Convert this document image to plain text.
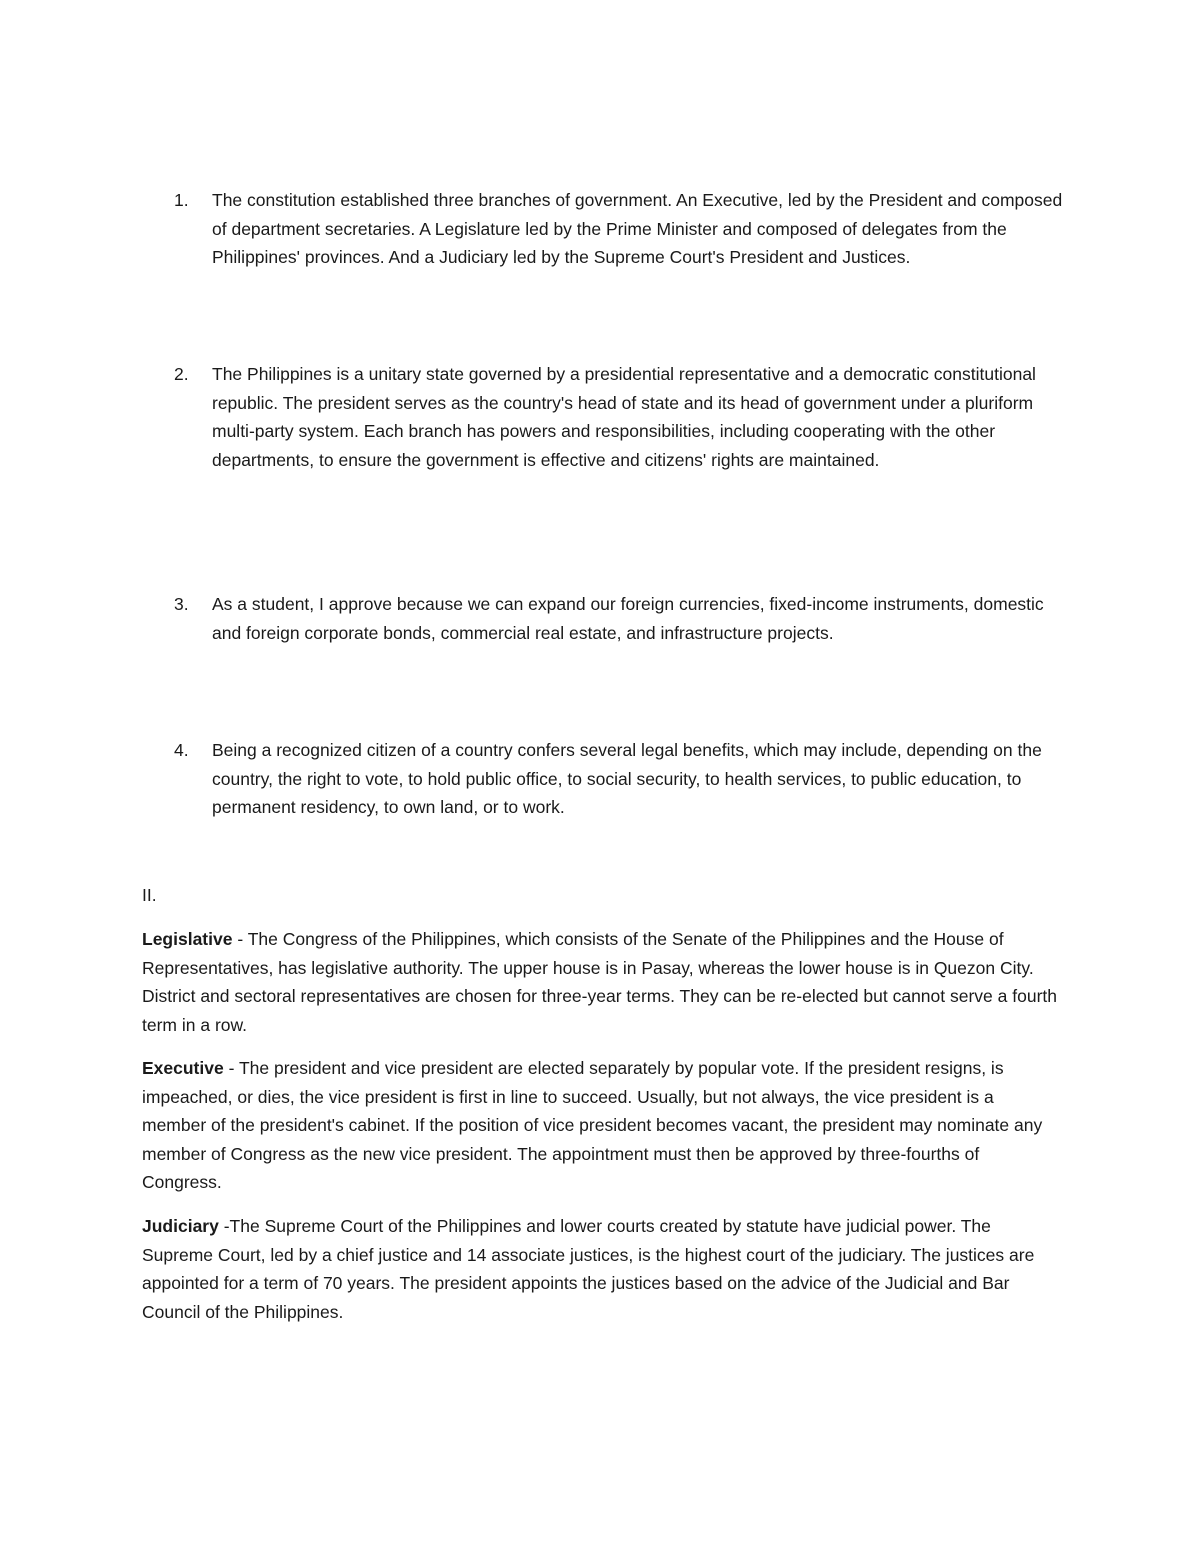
1.	The constitution established three branches of government. An Executive, led by the President and composed of department secretaries. A Legislature led by the Prime Minister and composed of delegates from the Philippines' provinces. And a Judiciary led by the Supreme Court's President and Justices.
2.	The Philippines is a unitary state governed by a presidential representative and a democratic constitutional republic. The president serves as the country's head of state and its head of government under a pluriform multi-party system. Each branch has powers and responsibilities, including cooperating with the other departments, to ensure the government is effective and citizens' rights are maintained.
3.	As a student, I approve because we can expand our foreign currencies, fixed-income instruments, domestic and foreign corporate bonds, commercial real estate, and infrastructure projects.
4.	Being a recognized citizen of a country confers several legal benefits, which may include, depending on the country, the right to vote, to hold public office, to social security, to health services, to public education, to permanent residency, to own land, or to work.
II.

Legislative - The Congress of the Philippines, which consists of the Senate of the Philippines and the House of Representatives, has legislative authority. The upper house is in Pasay, whereas the lower house is in Quezon City. District and sectoral representatives are chosen for three-year terms. They can be re-elected but cannot serve a fourth term in a row.

Executive - The president and vice president are elected separately by popular vote. If the president resigns, is impeached, or dies, the vice president is first in line to succeed. Usually, but not always, the vice president is a member of the president's cabinet. If the position of vice president becomes vacant, the president may nominate any member of Congress as the new vice president. The appointment must then be approved by three-fourths of Congress.

Judiciary -The Supreme Court of the Philippines and lower courts created by statute have judicial power. The Supreme Court, led by a chief justice and 14 associate justices, is the highest court of the judiciary. The justices are appointed for a term of 70 years. The president appoints the justices based on the advice of the Judicial and Bar Council of the Philippines.
